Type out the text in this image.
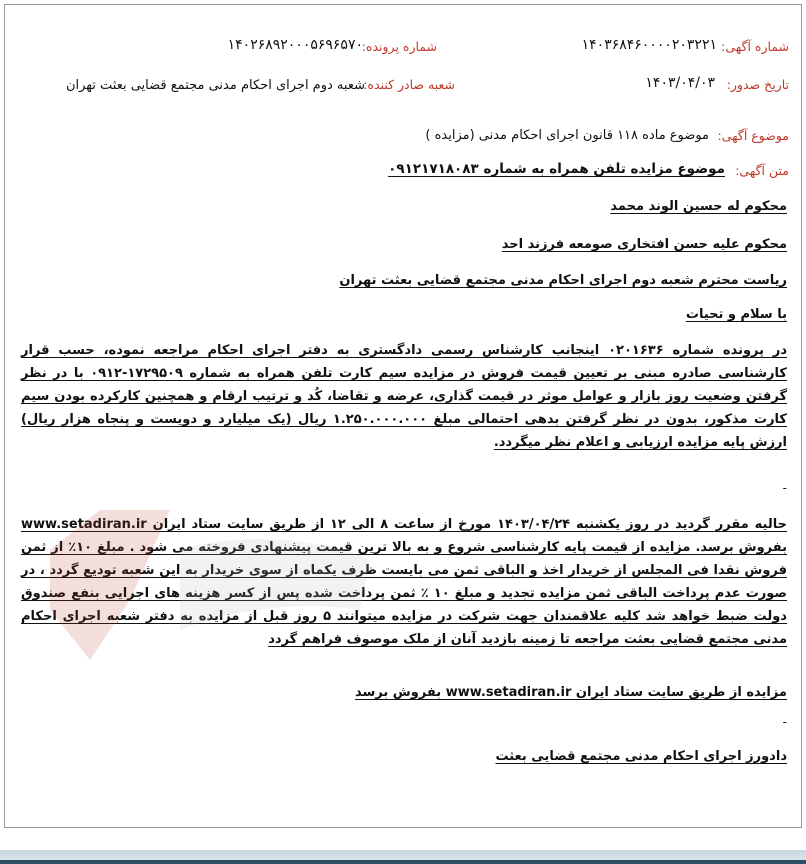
شماره آگهی:
۱۴۰۳۶۸۴۶۰۰۰۰۲۰۳۲۲۱
شماره پرونده:
۱۴۰۲۶۸۹۲۰۰۰۵۶۹۶۵۷۰
تاریخ صدور:
۱۴۰۳/۰۴/۰۳
شعبه صادر کننده:
شعبه دوم اجرای احکام مدنی مجتمع قضایی بعثت تهران
موضوع آگهی:
موضوع ماده ۱۱۸ قانون اجرای احکام مدنی (مزایده )
متن آگهی:
موضوع مزایده تلفن همراه به شماره ۰۹۱۲۱۷۱۸۰۸۳
محکوم له حسین الوند محمد
محکوم علیه حسن افتخاری صومعه فرزند احد
ریاست محترم شعبه دوم اجرای احکام مدنی مجتمع قضایی بعثت تهران
با سلام و تحیات
در پرونده شماره ۰۲۰۱۶۳۶ اینجانب کارشناس رسمی دادگستری به دفتر اجرای احکام مراجعه نموده، حسب قرار کارشناسی صادره مبنی بر تعیین قیمت فروش در مزایده سیم کارت تلفن همراه به شماره ۱۷۲۹۵۰۹-۰۹۱۲ با در نظر گرفتن وضعیت روز بازار و عوامل موثر در قیمت گذاری، عرضه و تقاضا، کُد و ترتیب ارقام و همچنین کارکرده بودن سیم کارت مذکور، بدون در نظر گرفتن بدهی احتمالی مبلغ ۱.۲۵۰.۰۰۰.۰۰۰ ریال (یک میلیارد و دویست و پنجاه هزار ریال) ارزش پایه مزایده ارزیابی و اعلام نظر میگردد.
-
حالیه مقرر گردید در روز یکشنبه ۱۴۰۳/۰۴/۲۴ مورخ از ساعت ۸ الی ۱۲ از طریق سایت ستاد ایران www.setadiran.ir بفروش برسد. مزایده از قیمت پایه کارشناسی شروع و به بالا ترین قیمت پیشنهادی فروخته می شود . مبلغ ۱۰٪ از ثمن فروش نقدا فی المجلس از خریدار اخذ و الباقی ثمن می بایست ظرف یکماه از سوی خریدار به این شعبه تودیع گردد ، در صورت عدم پرداخت الباقی ثمن مزایده تجدید و مبلغ ۱۰ ٪ ثمن پرداخت شده پس از کسر هزینه های اجرایی بنفع صندوق دولت ضبط خواهد شد کلیه علاقمندان جهت شرکت در مزایده میتوانند ۵ روز قبل از مزایده به دفتر شعبه اجرای احکام مدنی مجتمع قضایی بعثت مراجعه تا زمینه بازدید آنان از ملک موصوف فراهم گردد
مزایده از طریق سایت ستاد ایران www.setadiran.ir بفروش برسد
-
دادورز اجرای احکام مدنی مجتمع قضایی بعثت
